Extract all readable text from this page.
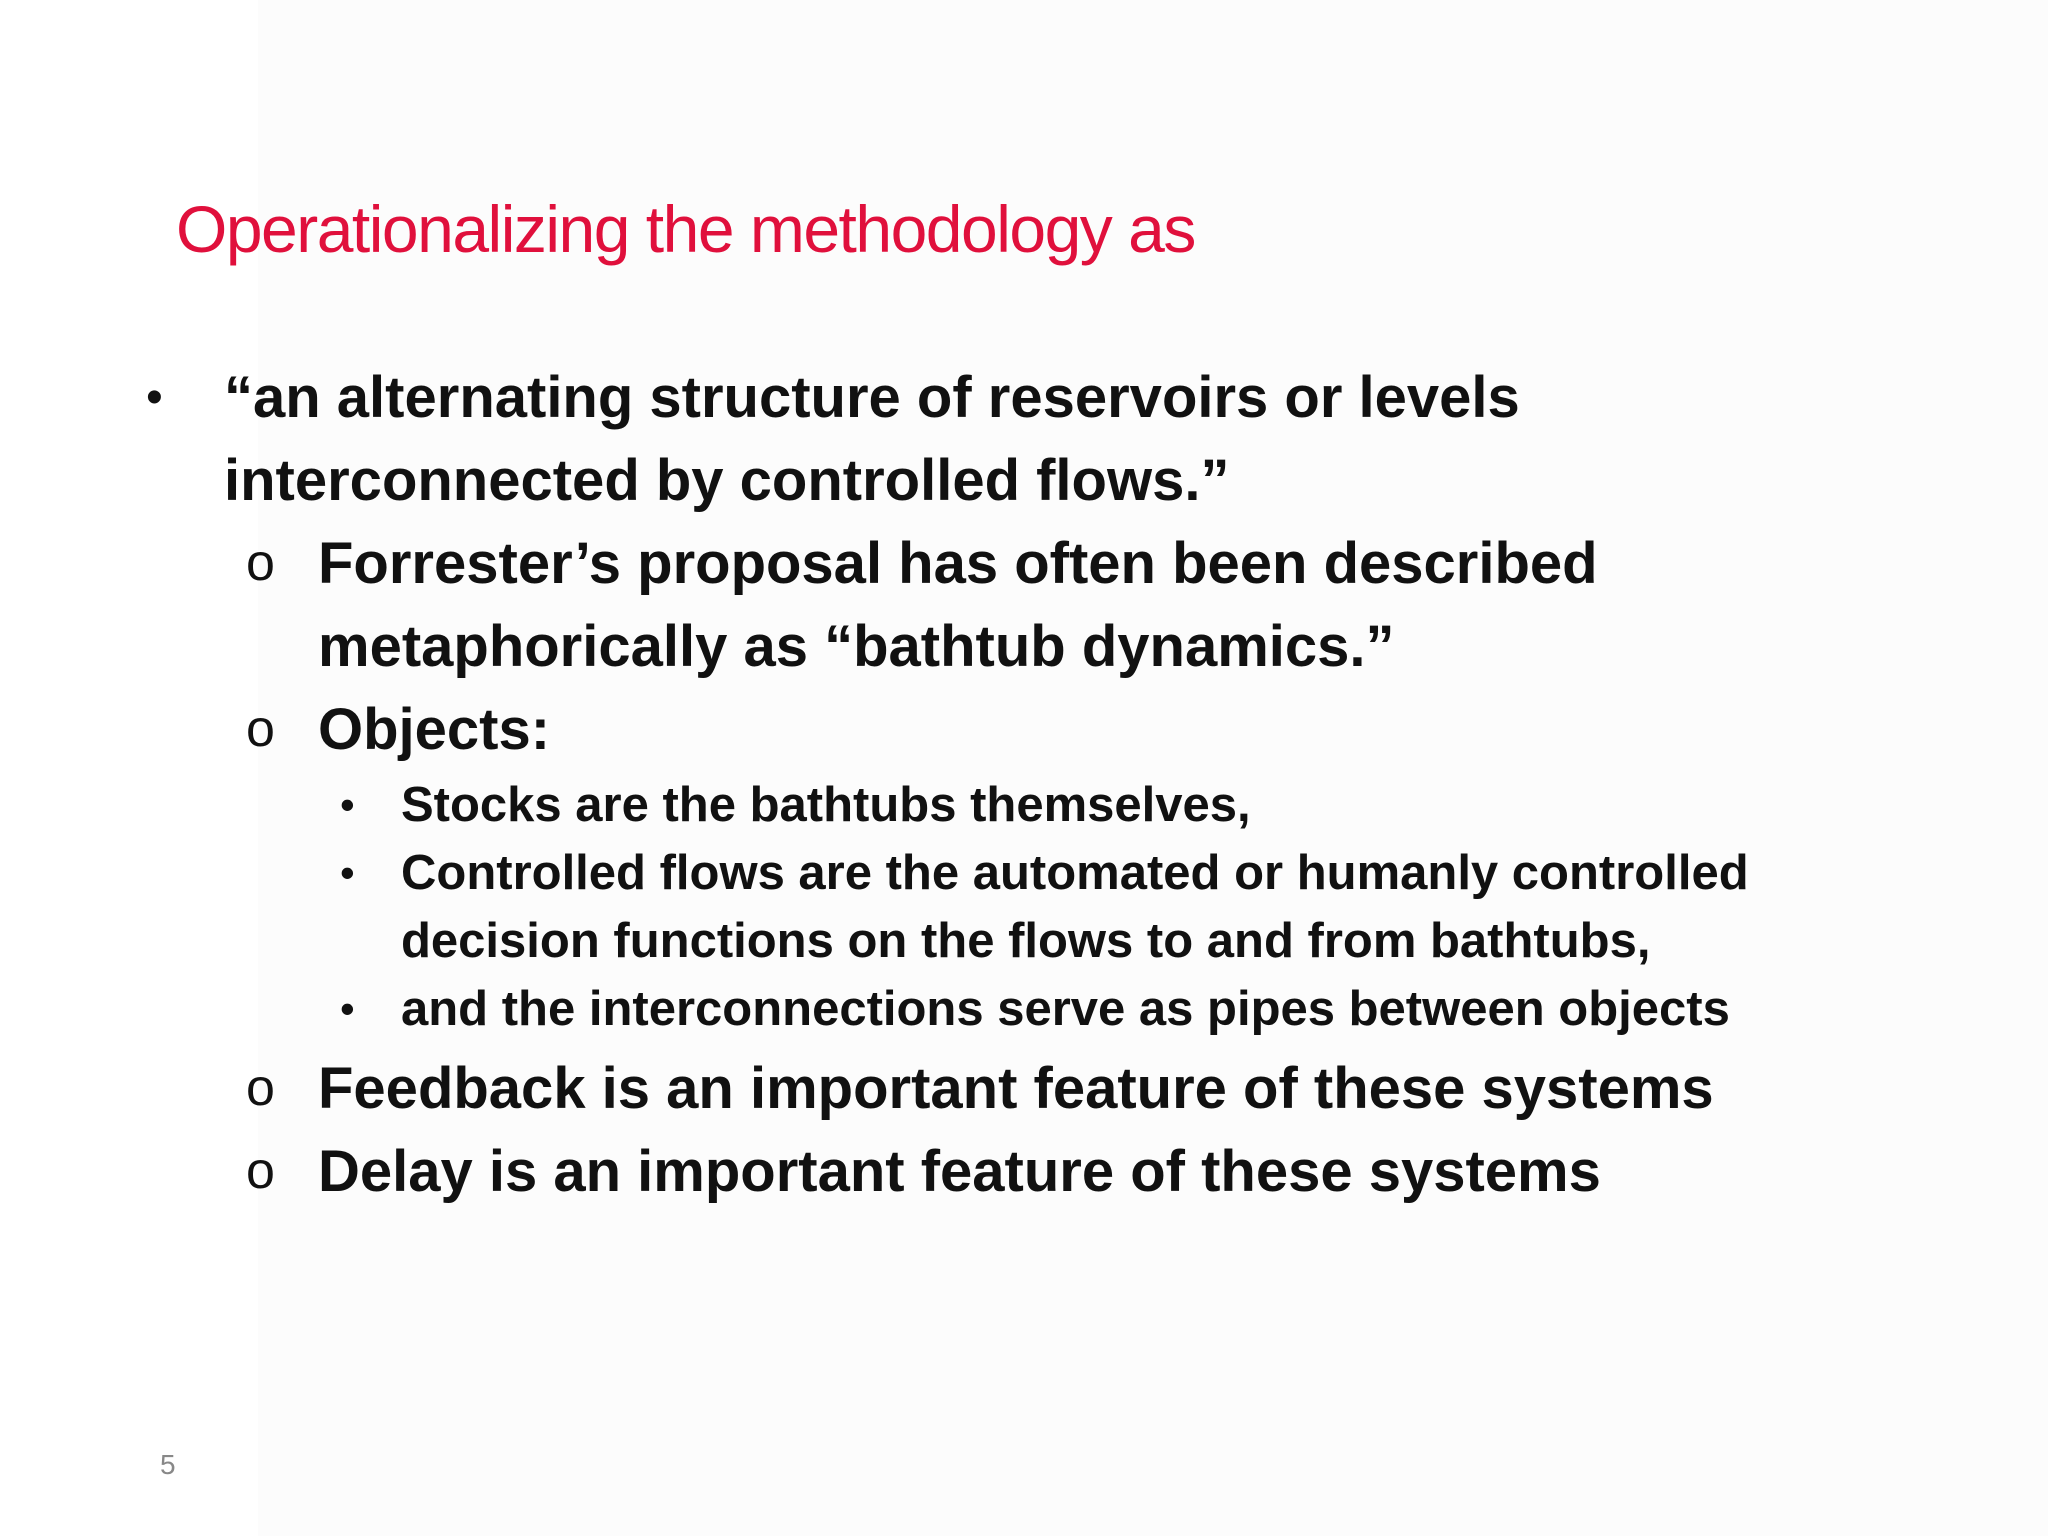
Operationalizing the methodology as
• “an alternating structure of reservoirs or levels
interconnected by controlled flows.”
o Forrester’s proposal has often been described
metaphorically as “bathtub dynamics.”
o Objects:
• Stocks are the bathtubs themselves,
• Controlled flows are the automated or humanly controlled
decision functions on the flows to and from bathtubs,
• and the interconnections serve as pipes between objects
o Feedback is an important feature of these systems
o Delay is an important feature of these systems
5
